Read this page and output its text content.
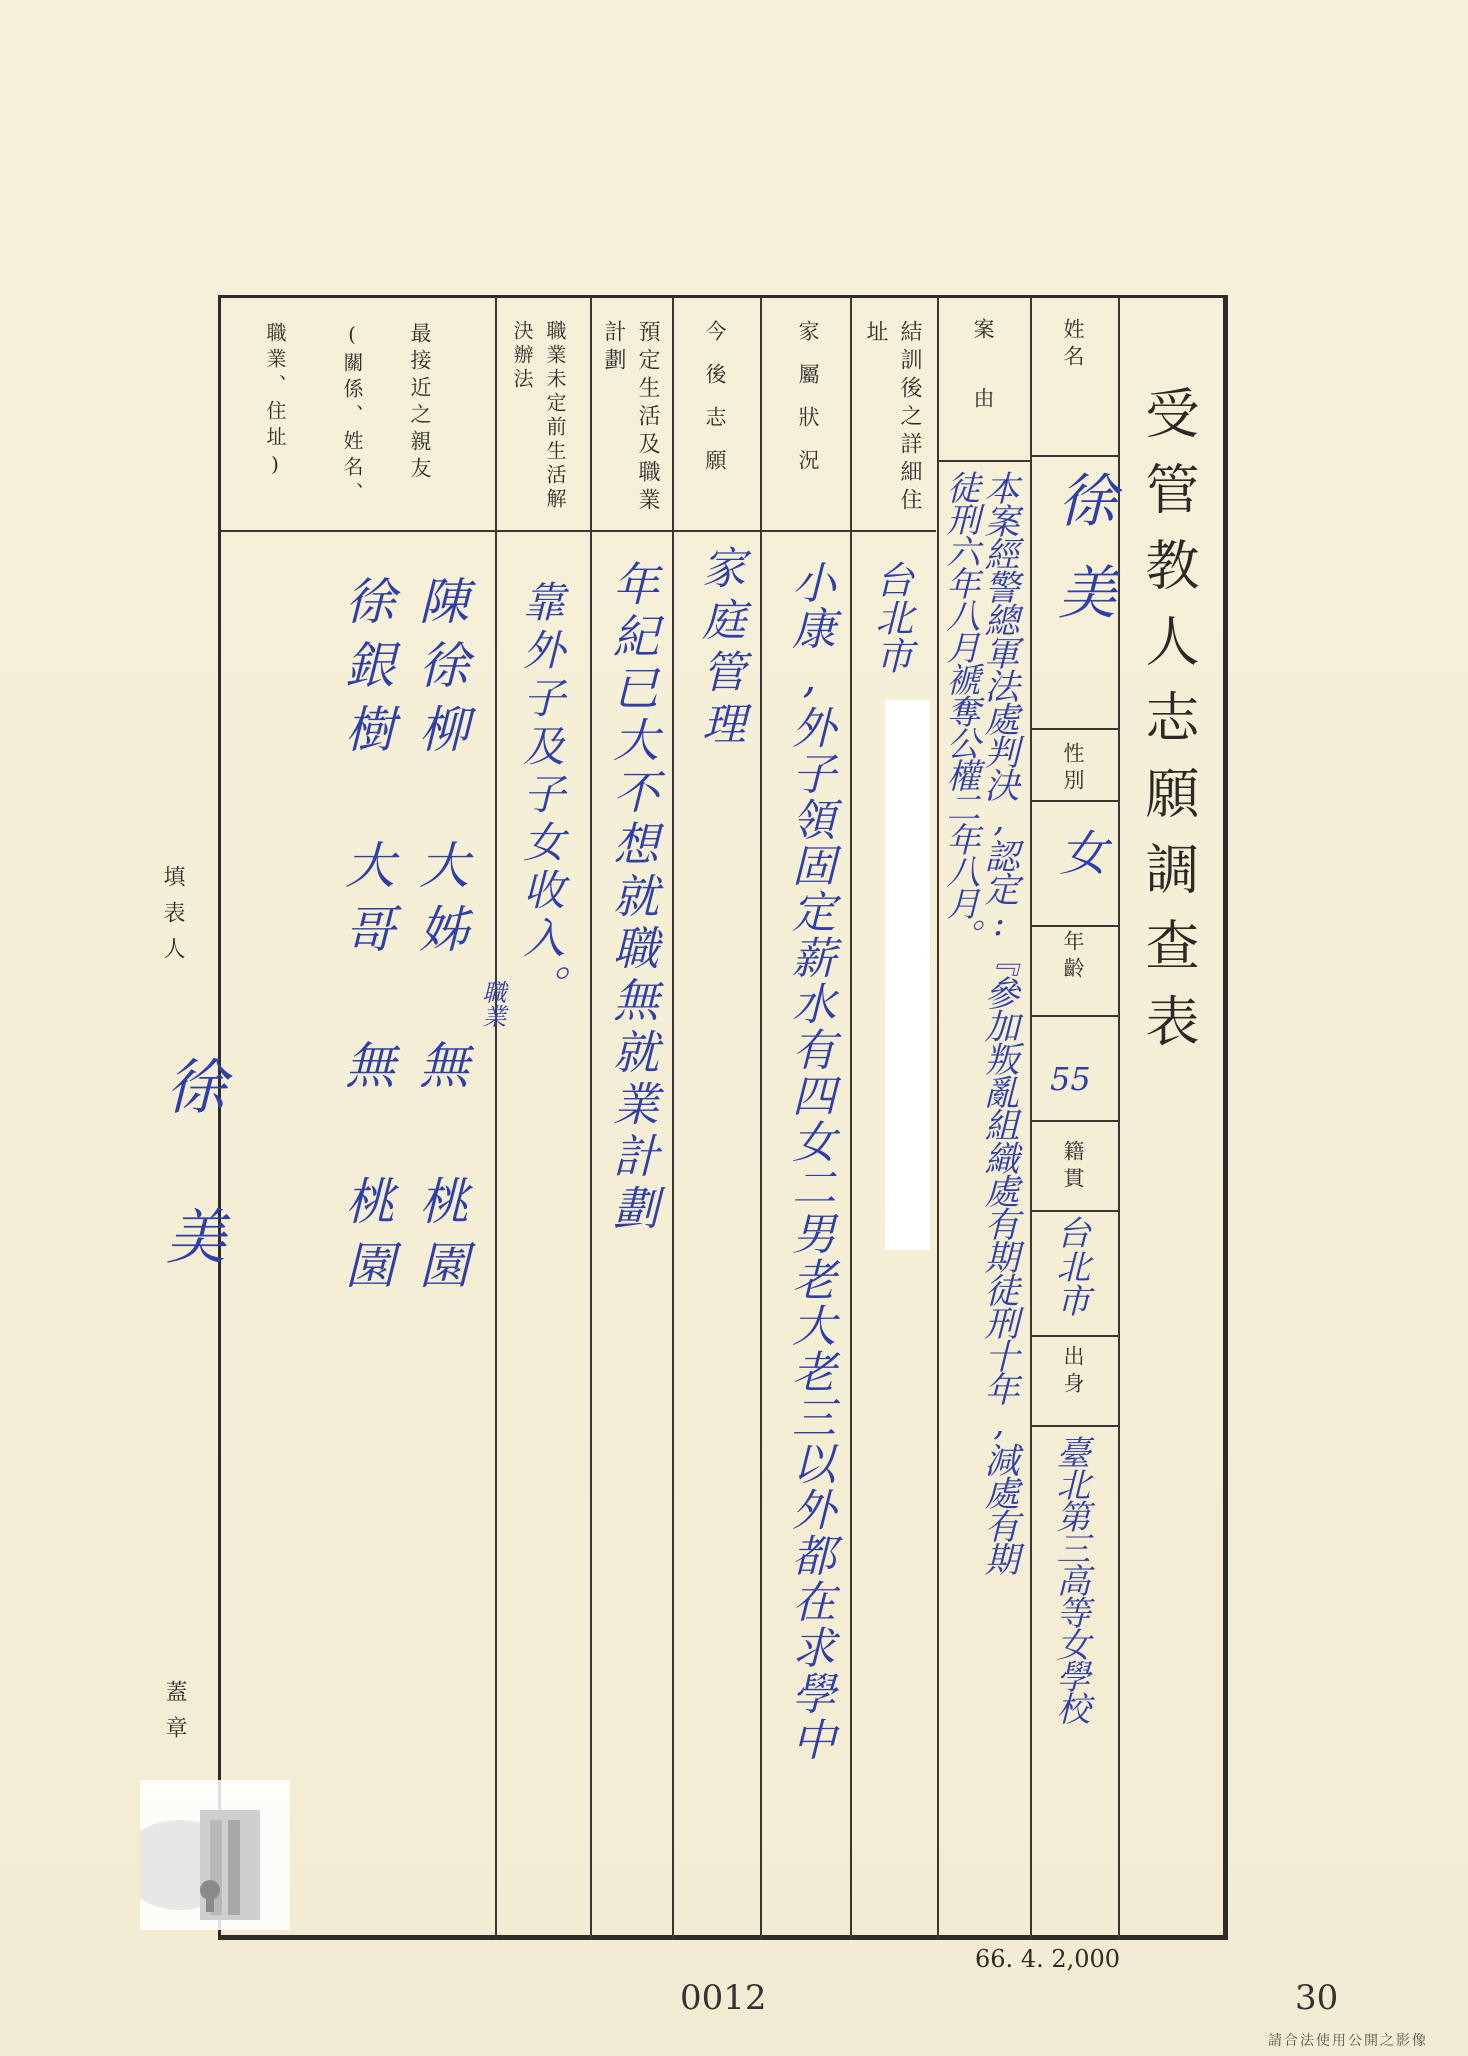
受管教人志願調查表
姓名
性別
年齡
籍貫
出身
案由
結訓後之詳細住址
家屬狀況
今後志願
預定生活及職業計劃
職業未定前生活解決辦法
最接近之親友
(關係、姓名、
職業、住址)
徐美
女
55
台北市
臺北第三高等女學校
本案經警總軍法處判決,認定:『參加叛亂組織處有期徒刑十年,減處有期
徒刑六年八月褫奪公權二年八月。
台北市
小康,外子領固定薪水有四女二男老大老三以外都在求學中
家庭管理
年紀已大不想就職無就業計劃
靠外子及子女收入。
陳徐柳 大姊 無 桃園 職業
徐銀樹 大哥 無 桃園
填表人
徐美
蓋章
66. 4. 2,000
0012	30
請合法使用公開之影像
